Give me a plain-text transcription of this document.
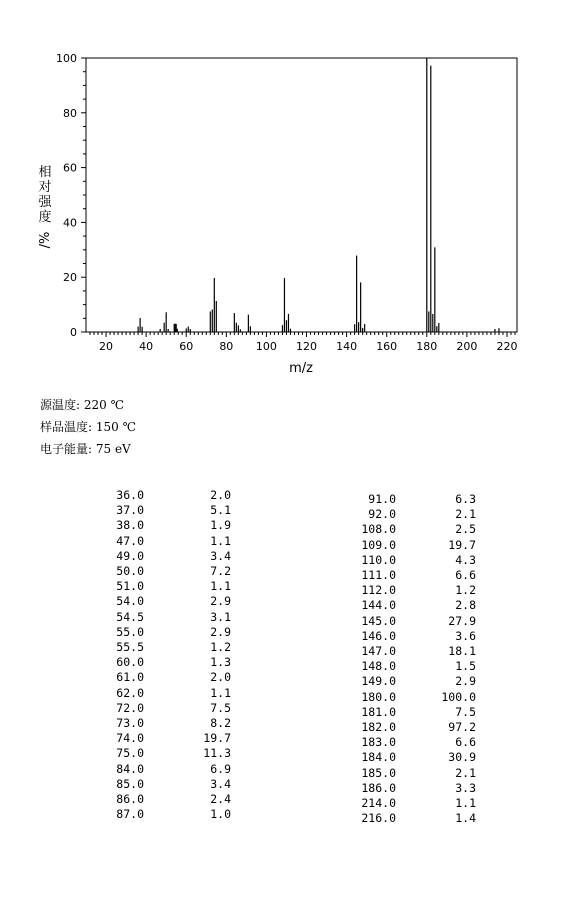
0
20
40
60
80
100
20 40 60 80 100 120 140 160 180 200 220
m/z
相
对
强
度
/%
源温度: 220 ℃
样品温度: 150 ℃
电子能量: 75 eV
36.0	2.0
37.0	5.1
38.0	1.9
47.0	1.1
49.0	3.4
50.0	7.2
51.0	1.1
54.0	2.9
54.5	3.1
55.0	2.9
55.5	1.2
60.0	1.3
61.0	2.0
62.0	1.1
72.0	7.5
73.0	8.2
74.0	19.7
75.0	11.3
84.0	6.9
85.0	3.4
86.0	2.4
87.0	1.0
91.0	6.3
92.0	2.1
108.0	2.5
109.0	19.7
110.0	4.3
111.0	6.6
112.0	1.2
144.0	2.8
145.0	27.9
146.0	3.6
147.0	18.1
148.0	1.5
149.0	2.9
180.0	100.0
181.0	7.5
182.0	97.2
183.0	6.6
184.0	30.9
185.0	2.1
186.0	3.3
214.0	1.1
216.0	1.4
